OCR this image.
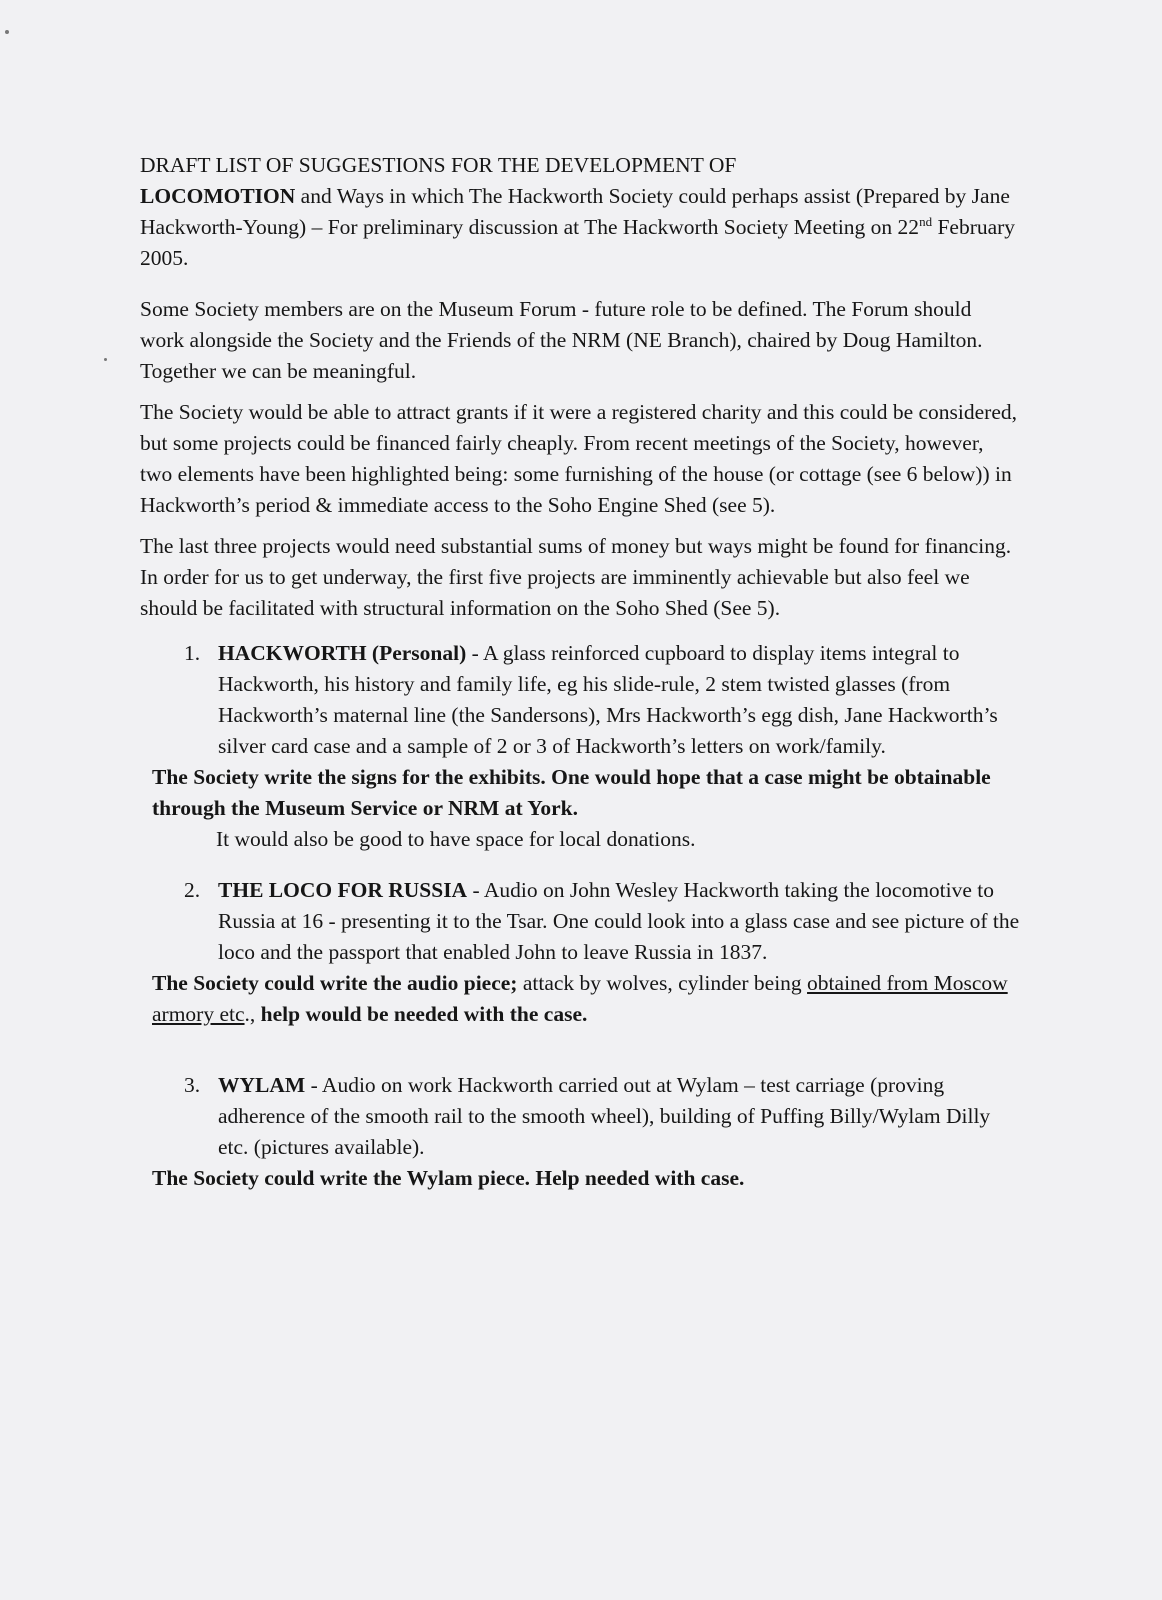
DRAFT LIST OF SUGGESTIONS FOR THE DEVELOPMENT OF
LOCOMOTION and Ways in which The Hackworth Society could perhaps assist (Prepared by Jane Hackworth-Young) – For preliminary discussion at The Hackworth Society Meeting on 22nd February 2005.

Some Society members are on the Museum Forum - future role to be defined. The Forum should work alongside the Society and the Friends of the NRM (NE Branch), chaired by Doug Hamilton. Together we can be meaningful.

The Society would be able to attract grants if it were a registered charity and this could be considered, but some projects could be financed fairly cheaply. From recent meetings of the Society, however, two elements have been highlighted being: some furnishing of the house (or cottage (see 6 below)) in Hackworth’s period & immediate access to the Soho Engine Shed (see 5).

The last three projects would need substantial sums of money but ways might be found for financing. In order for us to get underway, the first five projects are imminently achievable but also feel we should be facilitated with structural information on the Soho Shed (See 5).

1. HACKWORTH (Personal) - A glass reinforced cupboard to display items integral to Hackworth, his history and family life, eg his slide-rule, 2 stem twisted glasses (from Hackworth’s maternal line (the Sandersons), Mrs Hackworth’s egg dish, Jane Hackworth’s silver card case and a sample of 2 or 3 of Hackworth’s letters on work/family.

The Society write the signs for the exhibits. One would hope that a case might be obtainable through the Museum Service or NRM at York.

It would also be good to have space for local donations.

2. THE LOCO FOR RUSSIA - Audio on John Wesley Hackworth taking the locomotive to Russia at 16 - presenting it to the Tsar. One could look into a glass case and see picture of the loco and the passport that enabled John to leave Russia in 1837.

The Society could write the audio piece; attack by wolves, cylinder being obtained from Moscow armory etc., help would be needed with the case.

3. WYLAM - Audio on work Hackworth carried out at Wylam – test carriage (proving adherence of the smooth rail to the smooth wheel), building of Puffing Billy/Wylam Dilly etc. (pictures available).

The Society could write the Wylam piece. Help needed with case.
